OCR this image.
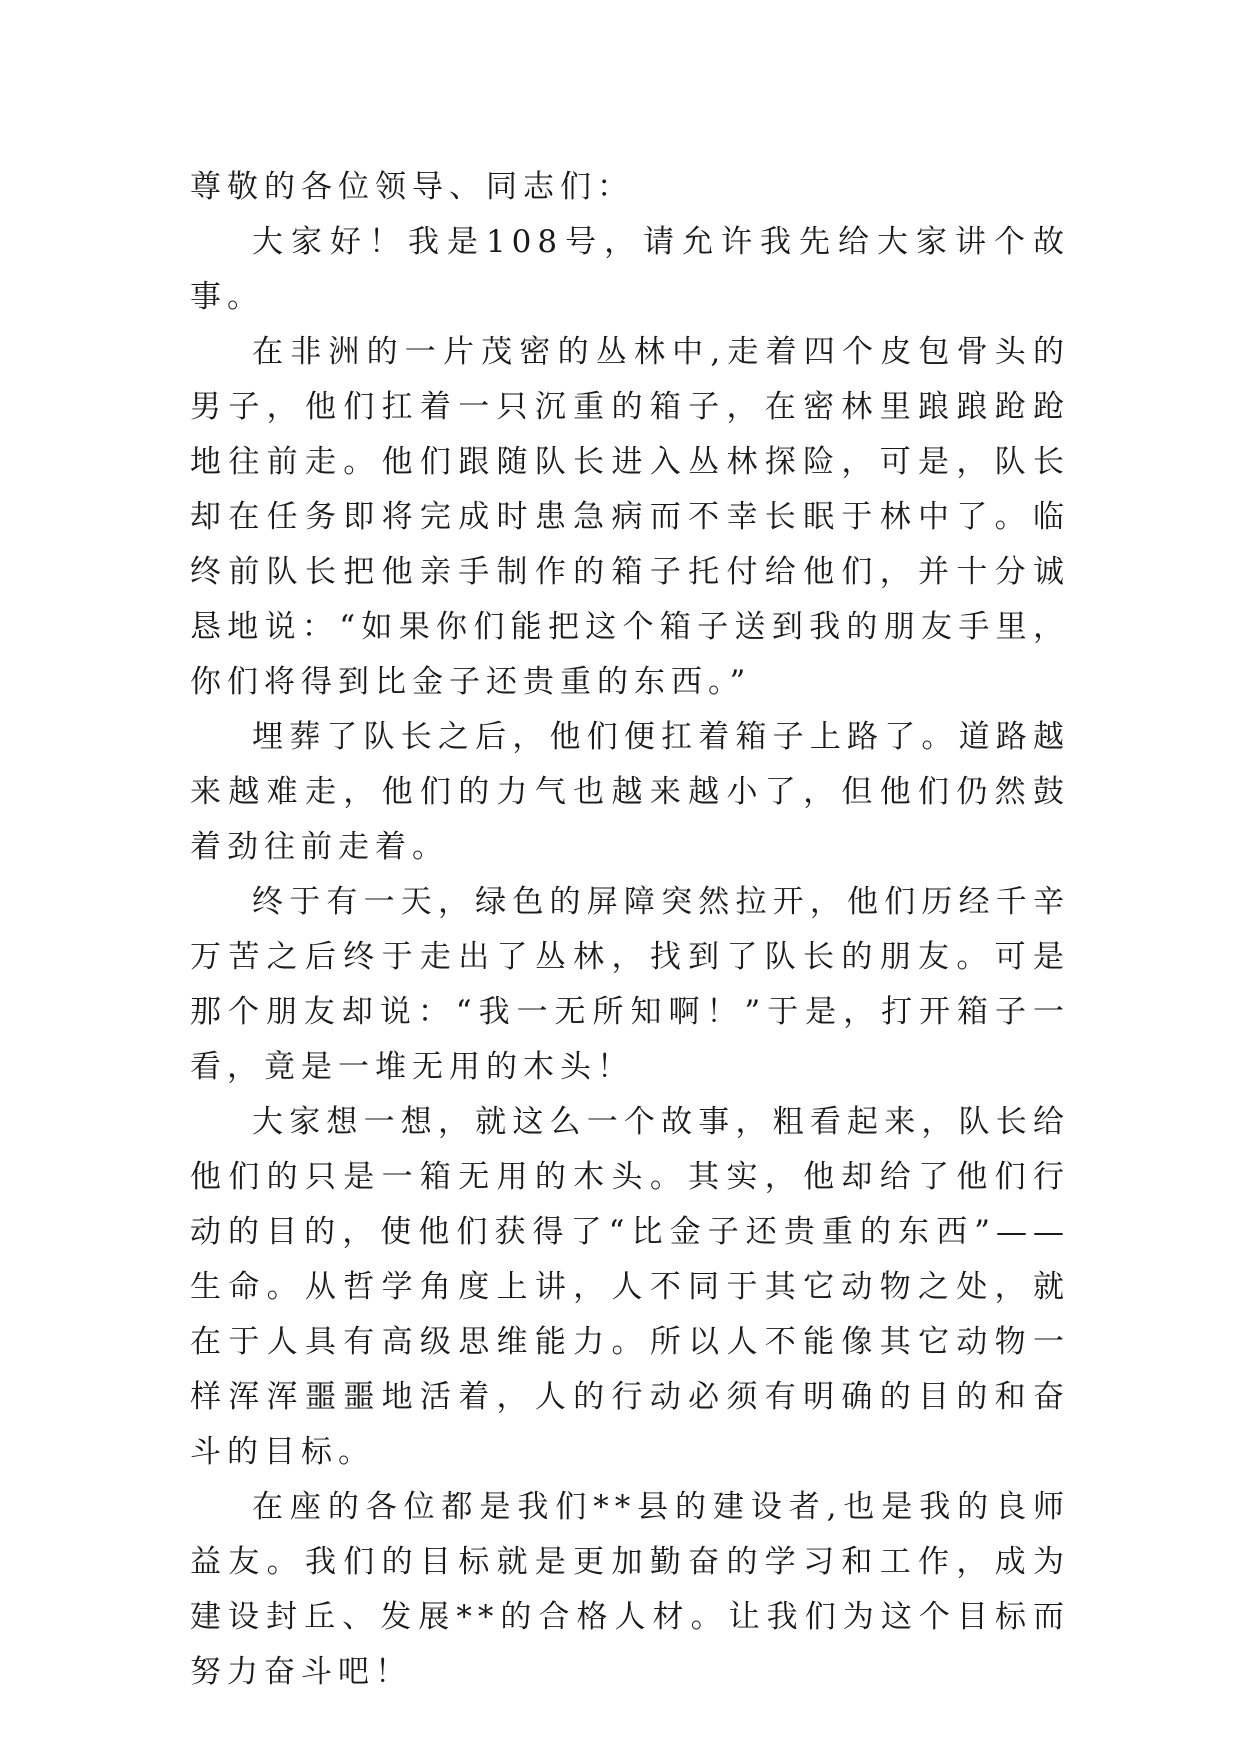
尊敬的各位领导、同志们：

大家好！我是108号，请允许我先给大家讲个故事。

在非洲的一片茂密的丛林中,走着四个皮包骨头的男子，他们扛着一只沉重的箱子，在密林里踉踉跄跄地往前走。他们跟随队长进入丛林探险，可是，队长却在任务即将完成时患急病而不幸长眠于林中了。临终前队长把他亲手制作的箱子托付给他们，并十分诚恳地说：“如果你们能把这个箱子送到我的朋友手里，你们将得到比金子还贵重的东西。”

埋葬了队长之后，他们便扛着箱子上路了。道路越来越难走，他们的力气也越来越小了，但他们仍然鼓着劲往前走着。

终于有一天，绿色的屏障突然拉开，他们历经千辛万苦之后终于走出了丛林，找到了队长的朋友。可是那个朋友却说：“我一无所知啊！”于是，打开箱子一看，竟是一堆无用的木头！

大家想一想，就这么一个故事，粗看起来，队长给他们的只是一箱无用的木头。其实，他却给了他们行动的目的，使他们获得了“比金子还贵重的东西”——生命。从哲学角度上讲，人不同于其它动物之处，就在于人具有高级思维能力。所以人不能像其它动物一样浑浑噩噩地活着，人的行动必须有明确的目的和奋斗的目标。

在座的各位都是我们**县的建设者,也是我的良师益友。我们的目标就是更加勤奋的学习和工作，成为建设封丘、发展**的合格人材。让我们为这个目标而努力奋斗吧！
